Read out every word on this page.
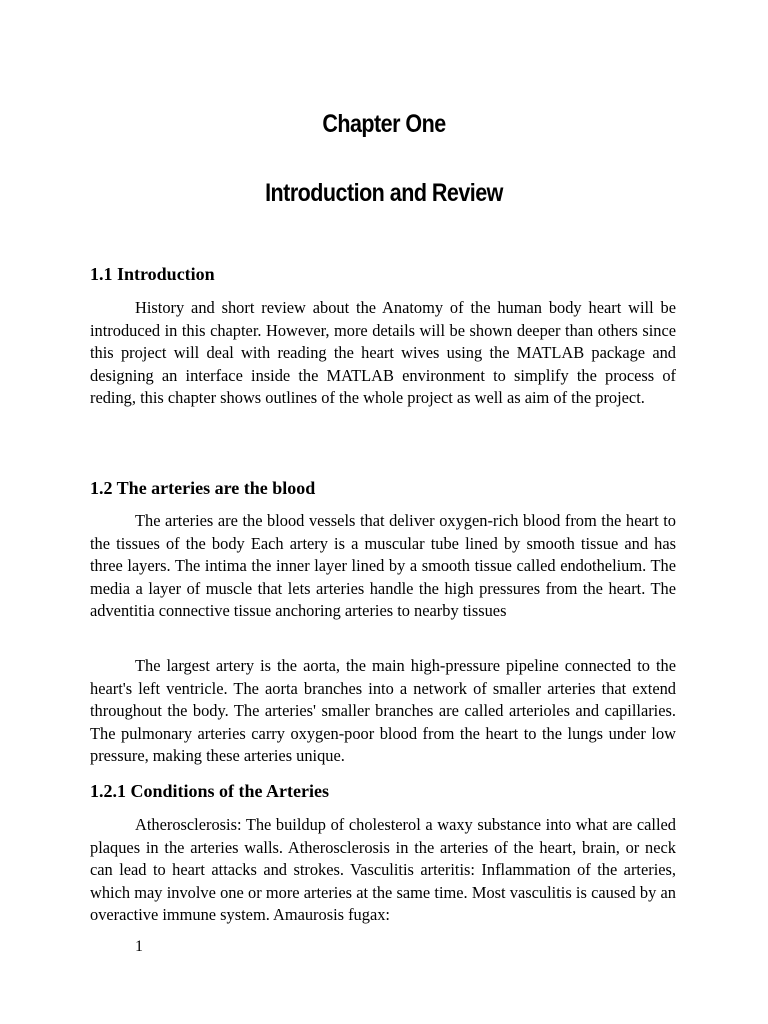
Chapter One
Introduction and Review
1.1 Introduction

History and short review about the Anatomy of the human body heart will be introduced in this chapter. However, more details will be shown deeper than others since this project will deal with reading the heart wives using the MATLAB package and designing an interface inside the MATLAB environment to simplify the process of reding, this chapter shows outlines of the whole project as well as aim of the project.

1.2 The arteries are the blood

The arteries are the blood vessels that deliver oxygen-rich blood from the heart to the tissues of the body Each artery is a muscular tube lined by smooth tissue and has three layers. The intima the inner layer lined by a smooth tissue called endothelium. The media a layer of muscle that lets arteries handle the high pressures from the heart. The adventitia connective tissue anchoring arteries to nearby tissues

The largest artery is the aorta, the main high-pressure pipeline connected to the heart's left ventricle. The aorta branches into a network of smaller arteries that extend throughout the body. The arteries' smaller branches are called arterioles and capillaries. The pulmonary arteries carry oxygen-poor blood from the heart to the lungs under low pressure, making these arteries unique.

1.2.1 Conditions of the Arteries

Atherosclerosis: The buildup of cholesterol a waxy substance into what are called plaques in the arteries walls. Atherosclerosis in the arteries of the heart, brain, or neck can lead to heart attacks and strokes. Vasculitis arteritis: Inflammation of the arteries, which may involve one or more arteries at the same time. Most vasculitis is caused by an overactive immune system. Amaurosis fugax:

1
